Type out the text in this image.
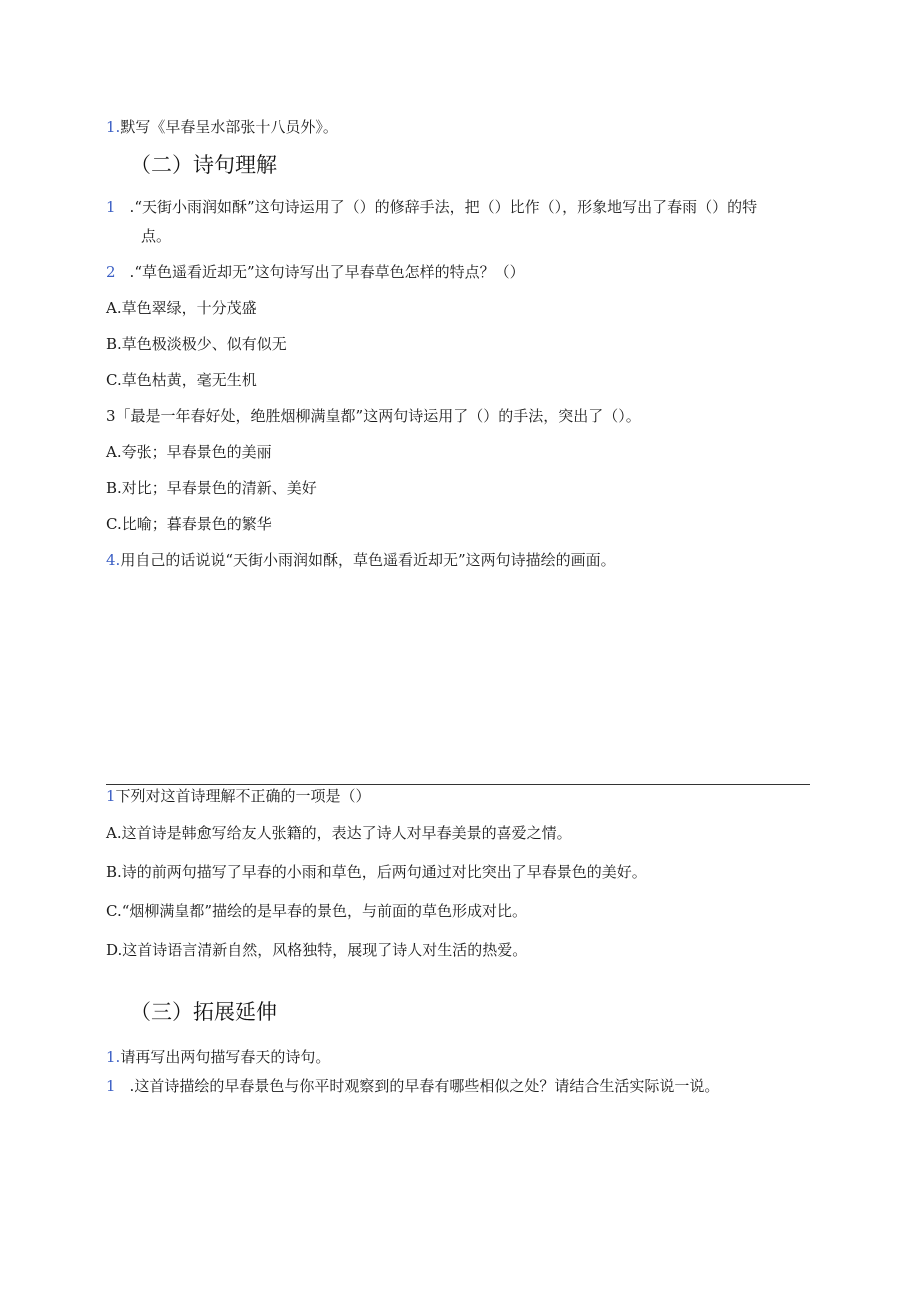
1.默写《早春呈水部张十八员外》。
（二）诗句理解
1 .“天街小雨润如酥”这句诗运用了（）的修辞手法，把（）比作（），形象地写出了春雨（）的特
点。
2 .“草色遥看近却无”这句诗写出了早春草色怎样的特点？（）
A.草色翠绿，十分茂盛
B.草色极淡极少、似有似无
C.草色枯黄，毫无生机
3「最是一年春好处，绝胜烟柳满皇都”这两句诗运用了（）的手法，突出了（）。
A.夸张；早春景色的美丽
B.对比；早春景色的清新、美好
C.比喻；暮春景色的繁华
4.用自己的话说说“天街小雨润如酥，草色遥看近却无”这两句诗描绘的画面。
1下列对这首诗理解不正确的一项是（）
A.这首诗是韩愈写给友人张籍的，表达了诗人对早春美景的喜爱之情。
B.诗的前两句描写了早春的小雨和草色，后两句通过对比突出了早春景色的美好。
C.“烟柳满皇都”描绘的是早春的景色，与前面的草色形成对比。
D.这首诗语言清新自然，风格独特，展现了诗人对生活的热爱。
（三）拓展延伸
1.请再写出两句描写春天的诗句。
1 .这首诗描绘的早春景色与你平时观察到的早春有哪些相似之处？请结合生活实际说一说。
